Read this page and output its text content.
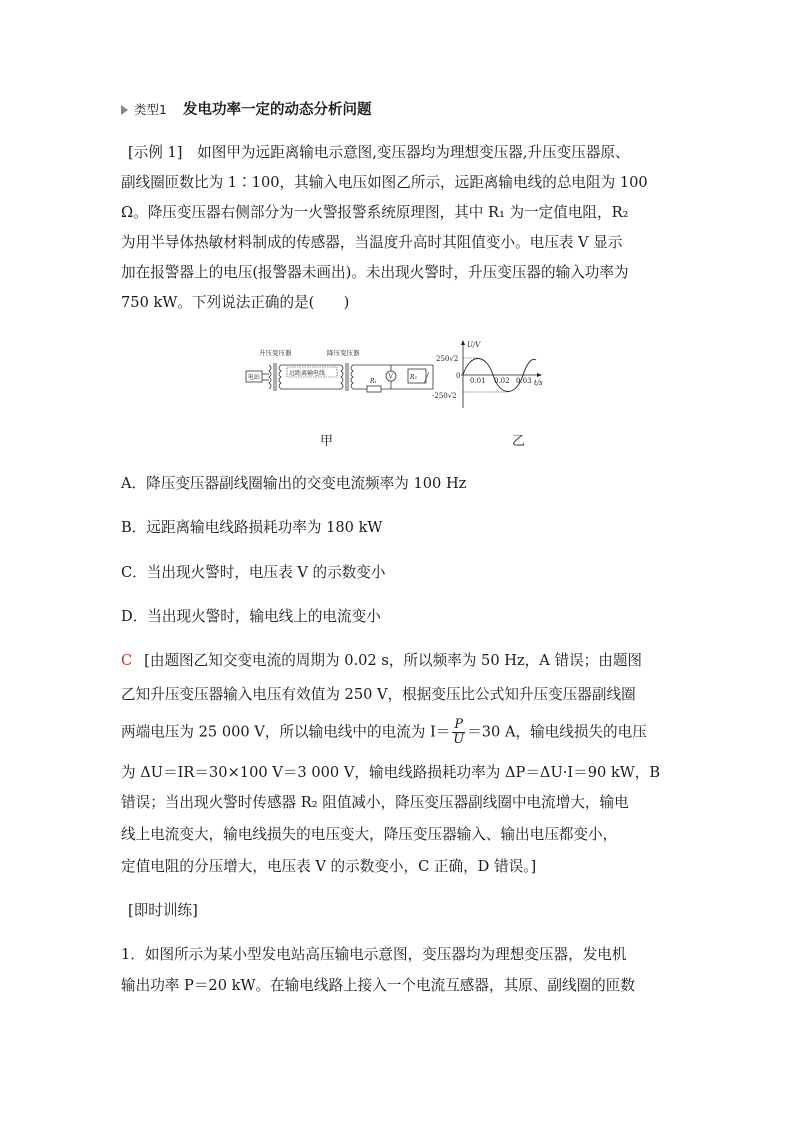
类型1 发电功率一定的动态分析问题
[示例 1] 如图甲为远距离输电示意图,变压器均为理想变压器,升压变压器原、
副线圈匝数比为 1∶100，其输入电压如图乙所示，远距离输电线的总电阻为 100
Ω。降压变压器右侧部分为一火警报警系统原理图，其中 R₁ 为一定值电阻，R₂
为用半导体热敏材料制成的传感器，当温度升高时其阻值变小。电压表 V 显示
加在报警器上的电压(报警器未画出)。未出现火警时，升压变压器的输入功率为
750 kW。下列说法正确的是(　　)
升压变压器	降压变压器
电站
远距离输电线	V
R₁
R₂
U/V
t/s
250√2
-250√2
0
0.01 0.02 0.03
甲	乙
A．降压变压器副线圈输出的交变电流频率为 100 Hz
B．远距离输电线路损耗功率为 180 kW
C．当出现火警时，电压表 V 的示数变小
D．当出现火警时，输电线上的电流变小
C [由题图乙知交变电流的周期为 0.02 s，所以频率为 50 Hz，A 错误；由题图
乙知升压变压器输入电压有效值为 250 V，根据变压比公式知升压变压器副线圈
两端电压为 25 000 V，所以输电线中的电流为 $I= \frac{P}{U} =30$ A，输电线损失的电压
为 ΔU＝IR＝30×100 V＝3 000 V，输电线路损耗功率为 ΔP＝ΔU·I＝90 kW，B
错误；当出现火警时传感器 R₂ 阻值减小，降压变压器副线圈中电流增大，输电
线上电流变大，输电线损失的电压变大，降压变压器输入、输出电压都变小，
定值电阻的分压增大，电压表 V 的示数变小，C 正确，D 错误。]
[即时训练]
1．如图所示为某小型发电站高压输电示意图，变压器均为理想变压器，发电机
输出功率 P＝20 kW。在输电线路上接入一个电流互感器，其原、副线圈的匝数
